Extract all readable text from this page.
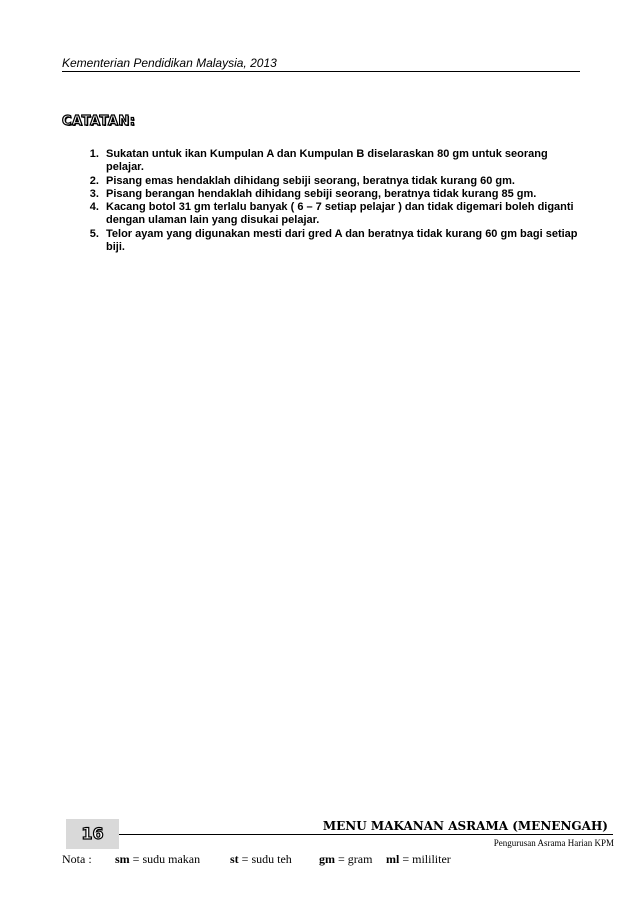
Kementerian Pendidikan Malaysia, 2013
CATATAN:
1. Sukatan untuk ikan Kumpulan A dan Kumpulan B diselaraskan 80 gm untuk seorang pelajar.
2. Pisang emas hendaklah dihidang sebiji seorang, beratnya tidak kurang 60 gm.
3. Pisang berangan hendaklah dihidang sebiji seorang, beratnya tidak kurang 85 gm.
4. Kacang botol 31 gm terlalu banyak ( 6 – 7 setiap pelajar ) dan tidak digemari boleh diganti dengan ulaman lain yang disukai pelajar.
5. Telor ayam yang digunakan mesti dari gred A dan beratnya tidak kurang 60 gm bagi setiap biji.
16	MENU MAKANAN ASRAMA (MENENGAH)
Pengurusan Asrama Harian KPM
Nota : sm = sudu makan st = sudu teh gm = gram ml = mililiter
